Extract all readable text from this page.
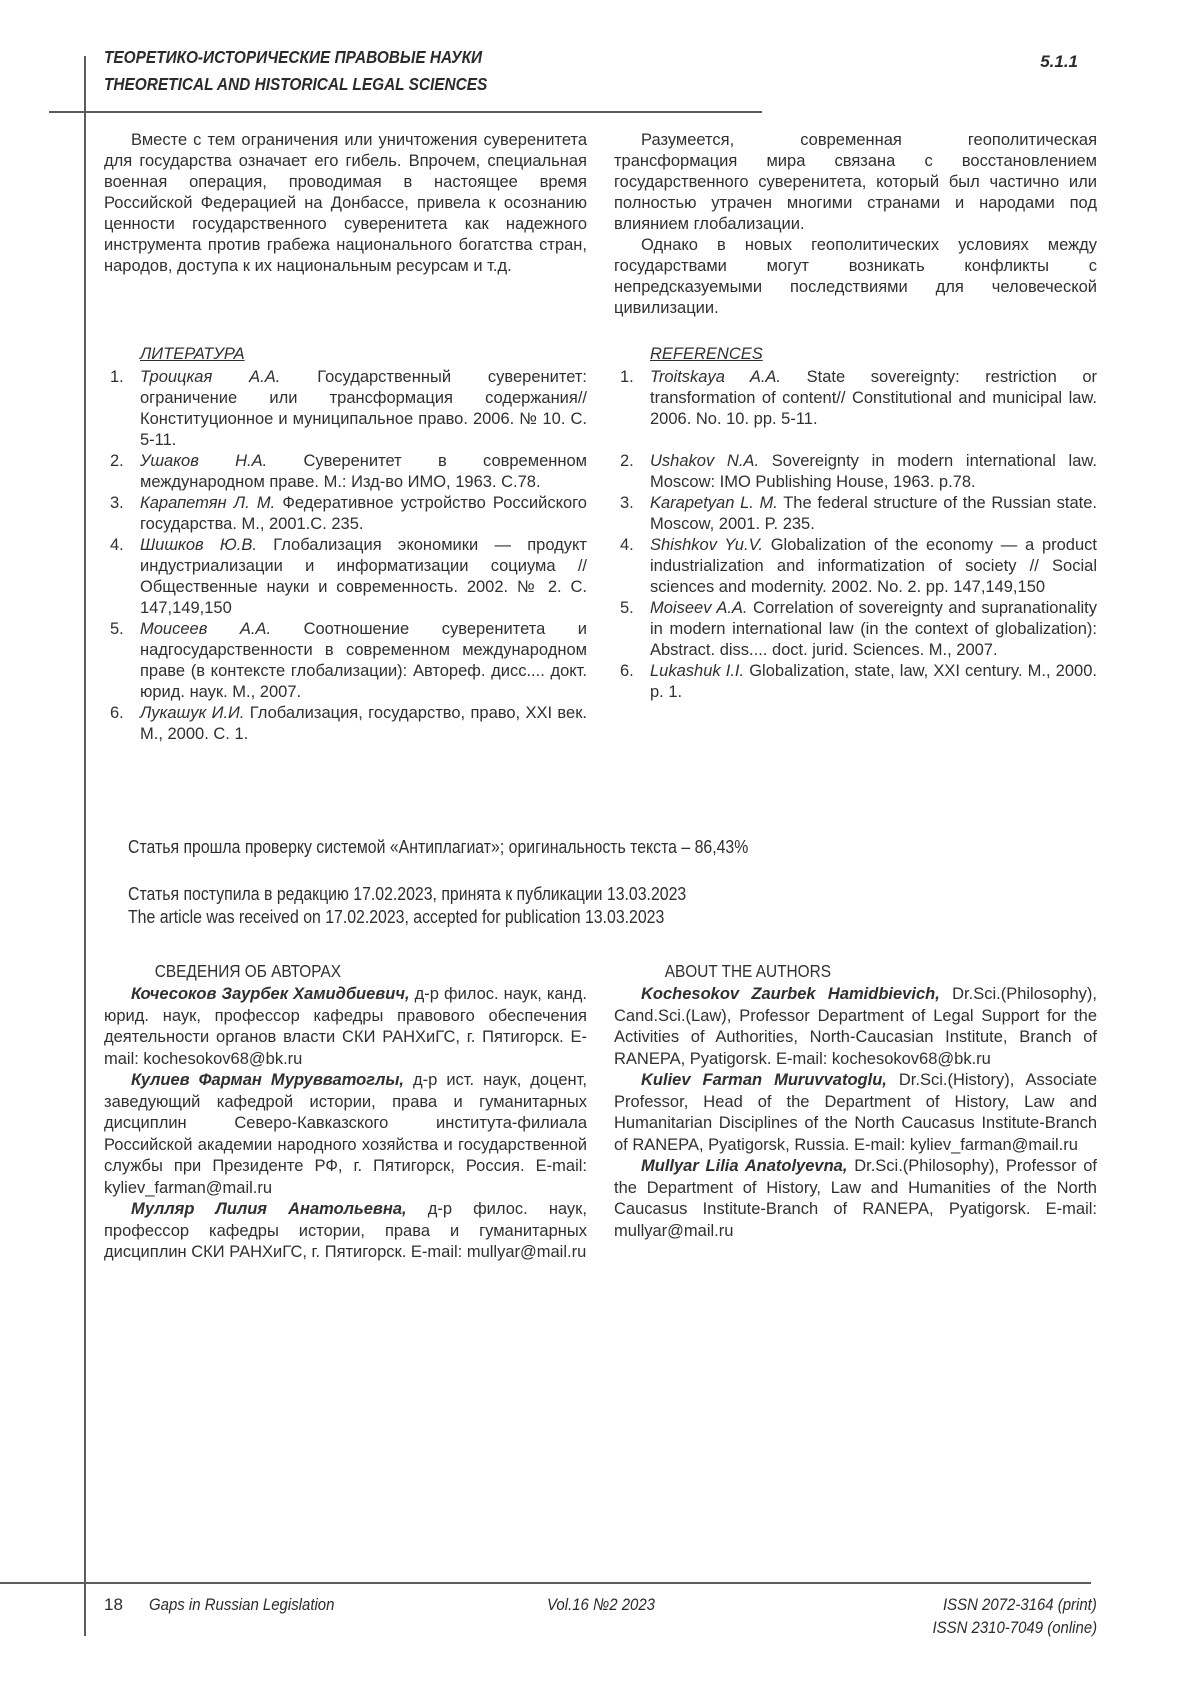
ТЕОРЕТИКО-ИСТОРИЧЕСКИЕ ПРАВОВЫЕ НАУКИ
THEORETICAL AND HISTORICAL LEGAL SCIENCES
5.1.1

Вместе с тем ограничения или уничтожения суверенитета для государства означает его гибель. Впрочем, специальная военная операция, проводимая в настоящее время Российской Федерацией на Донбассе, привела к осознанию ценности государственного суверенитета как надежного инструмента против грабежа национального богатства стран, народов, доступа к их национальным ресурсам и т.д.

ЛИТЕРАТУРА

1. Троицкая А.А. Государственный суверенитет: ограничение или трансформация содержания// Конституционное и муниципальное право. 2006. № 10. С. 5-11.
2. Ушаков Н.А. Суверенитет в современном международном праве. М.: Изд-во ИМО, 1963. С.78.
3. Карапетян Л. М. Федеративное устройство Российского государства. М., 2001.С. 235.
4. Шишков Ю.В. Глобализация экономики — продукт индустриализации и информатизации социума // Общественные науки и современность. 2002. № 2. С. 147,149,150
5. Моисеев А.А. Соотношение суверенитета и надгосударственности в современном международном праве (в контексте глобализации): Автореф. дисс.... докт. юрид. наук. М., 2007.
6. Лукашук И.И. Глобализация, государство, право, XXI век. М., 2000. С. 1.

Разумеется, современная геополитическая трансформация мира связана с восстановлением государственного суверенитета, который был частично или полностью утрачен многими странами и народами под влиянием глобализации.

Однако в новых геополитических условиях между государствами могут возникать конфликты с непредсказуемыми последствиями для человеческой цивилизации.

REFERENCES

1. Troitskaya A.A. State sovereignty: restriction or transformation of content// Constitutional and municipal law. 2006. No. 10. pp. 5-11.
2. Ushakov N.A. Sovereignty in modern international law. Moscow: IMO Publishing House, 1963. p.78.
3. Karapetyan L. M. The federal structure of the Russian state. Moscow, 2001. P. 235.
4. Shishkov Yu.V. Globalization of the economy — a product industrialization and informatization of society // Social sciences and modernity. 2002. No. 2. pp. 147,149,150
5. Moiseev A.A. Correlation of sovereignty and supranationality in modern international law (in the context of globalization): Abstract. diss.... doct. jurid. Sciences. M., 2007.
6. Lukashuk I.I. Globalization, state, law, XXI century. M., 2000. p. 1.
Статья прошла проверку системой «Антиплагиат»; оригинальность текста – 86,43%
Статья поступила в редакцию 17.02.2023, принята к публикации 13.03.2023
The article was received on 17.02.2023, accepted for publication 13.03.2023

СВЕДЕНИЯ ОБ АВТОРАХ

Кочесоков Заурбек Хамидбиевич, д-р филос. наук, канд. юрид. наук, профессор кафедры правового обеспечения деятельности органов власти СКИ РАНХиГС, г. Пятигорск. E-mail: kochesokov68@bk.ru

Кулиев Фарман Мурувватоглы, д-р ист. наук, доцент, заведующий кафедрой истории, права и гуманитарных дисциплин Северо-Кавказского института-филиала Российской академии народного хозяйства и государственной службы при Президенте РФ, г. Пятигорск, Россия. E-mail: kyliev_farman@mail.ru

Мулляр Лилия Анатольевна, д-р филос. наук, профессор кафедры истории, права и гуманитарных дисциплин СКИ РАНХиГС, г. Пятигорск. E-mail: mullyar@mail.ru

ABOUT THE AUTHORS

Kochesokov Zaurbek Hamidbievich, Dr.Sci.(Philosophy), Cand.Sci.(Law), Professor Department of Legal Support for the Activities of Authorities, North-Caucasian Institute, Branch of RANEPA, Pyatigorsk. E-mail: kochesokov68@bk.ru

Kuliev Farman Muruvvatoglu, Dr.Sci.(History), Associate Professor, Head of the Department of History, Law and Humanitarian Disciplines of the North Caucasus Institute-Branch of RANEPA, Pyatigorsk, Russia. E-mail: kyliev_farman@mail.ru

Mullyar Lilia Anatolyevna, Dr.Sci.(Philosophy), Professor of the Department of History, Law and Humanities of the North Caucasus Institute-Branch of RANEPA, Pyatigorsk. E-mail: mullyar@mail.ru

18 Gaps in Russian Legislation	Vol.16 №2 2023	ISSN 2072-3164 (print)
ISSN 2310-7049 (online)
